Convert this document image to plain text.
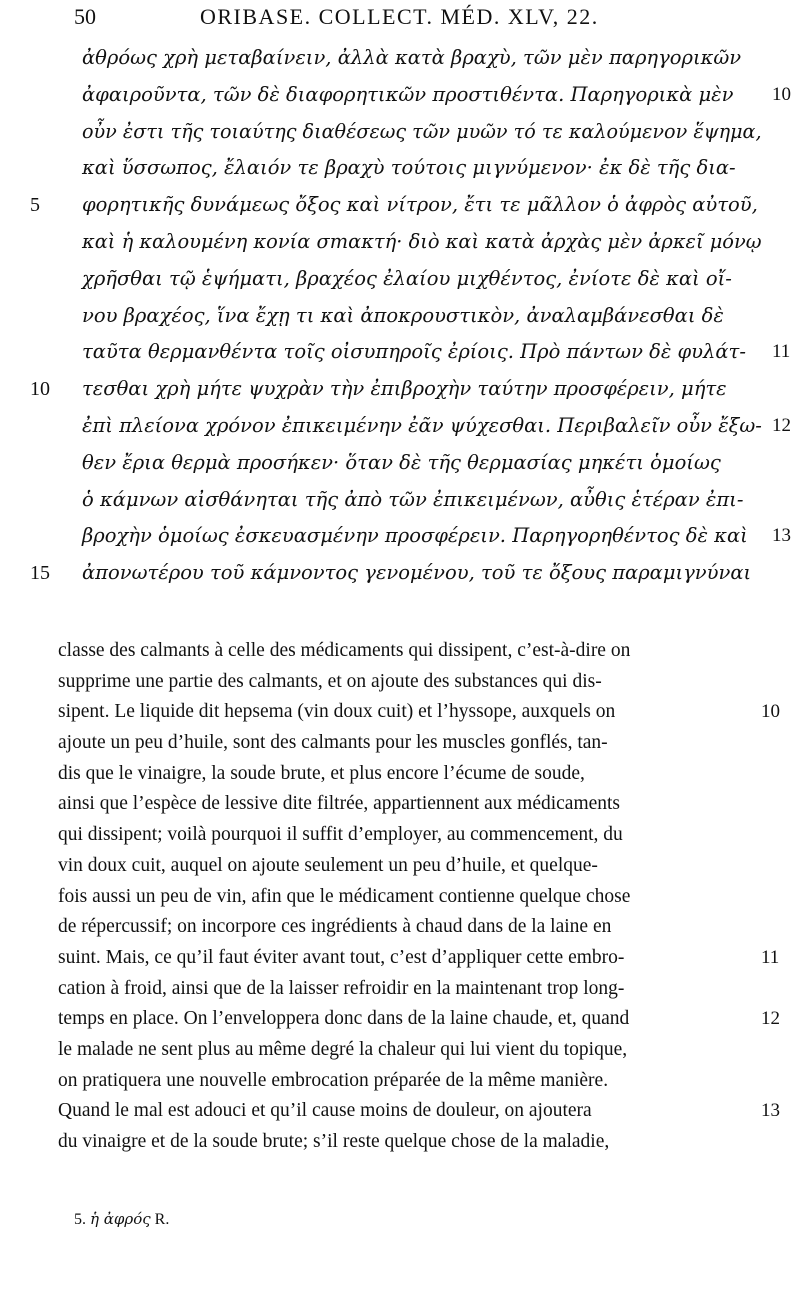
50	ORIBASE. COLLECT. MÉD. XLV, 22.
ἀθρόως χρὴ μεταβαίνειν, ἀλλὰ κατὰ βραχὺ, τῶν μὲν παρηγορικῶν
ἀφαιροῦντα, τῶν δὲ διαφορητικῶν προστιθέντα. Παρηγορικὰ μὲν 10
οὖν ἐστι τῆς τοιαύτης διαθέσεως τῶν μυῶν τό τε καλούμενον ἕψημα,
καὶ ὕσσωπος, ἔλαιόν τε βραχὺ τούτοις μιγνύμενον· ἐκ δὲ τῆς δια-
φορητικῆς δυνάμεως ὄξος καὶ νίτρον, ἔτι τε μᾶλλον ὁ ἀφρὸς αὐτοῦ,
5
καὶ ἡ καλουμένη κονία σтακτή· διὸ καὶ κατὰ ἀρχὰς μὲν ἀρκεῖ μόνῳ
χρῆσθαι τῷ ἑψήματι, βραχέος ἐλαίου μιχθέντος, ἐνίοτε δὲ καὶ οἴ-
νου βραχέος, ἵνα ἔχῃ τι καὶ ἀποκρουστικὸν, ἀναλαμβάνεσθαι δὲ
ταῦτα θερμανθέντα τοῖς οἰσυπηροῖς ἐρίοις. Πρὸ πάντων δὲ φυλάτ- 11
τεσθαι χρὴ μήτε ψυχρὰν τὴν ἐπιβροχὴν ταύτην προσφέρειν, μήτε
10
ἐπὶ πλείονα χρόνον ἐπικειμένην ἐᾶν ψύχεσθαι. Περιβαλεῖν οὖν ἔξω- 12
θεν ἔρια θερμὰ προσήκεν· ὅταν δὲ τῆς θερμασίας μηκέτι ὁμοίως
ὁ κάμνων αἰσθάνηται τῆς ἀπὸ τῶν ἐπικειμένων, αὖθις ἑτέραν ἐπι-
βροχὴν ὁμοίως ἐσκευασμένην προσφέρειν. Παρηγορηθέντος δὲ καὶ 13
ἀπονωτέρου τοῦ κάμνοντος γενομένου, τοῦ τε ὄξους παραμιγνύναι
15
classe des calmants à celle des médicaments qui dissipent, c’est-à-dire on
supprime une partie des calmants, et on ajoute des substances qui dis-
sipent. Le liquide dit hepsema (vin doux cuit) et l’hyssope, auxquels on	10
ajoute un peu d’huile, sont des calmants pour les muscles gonflés, tan-
dis que le vinaigre, la soude brute, et plus encore l’écume de soude,
ainsi que l’espèce de lessive dite filtrée, appartiennent aux médicaments
qui dissipent; voilà pourquoi il suffit d’employer, au commencement, du
vin doux cuit, auquel on ajoute seulement un peu d’huile, et quelque-
fois aussi un peu de vin, afin que le médicament contienne quelque chose
de répercussif; on incorpore ces ingrédients à chaud dans de la laine en
suint. Mais, ce qu’il faut éviter avant tout, c’est d’appliquer cette embro-	11
cation à froid, ainsi que de la laisser refroidir en la maintenant trop long-
temps en place. On l’enveloppera donc dans de la laine chaude, et, quand	12
le malade ne sent plus au même degré la chaleur qui lui vient du topique,
on pratiquera une nouvelle embrocation préparée de la même manière.
Quand le mal est adouci et qu’il cause moins de douleur, on ajoutera	13
du vinaigre et de la soude brute; s’il reste quelque chose de la maladie,
5. ἡ ἀφρός R.
